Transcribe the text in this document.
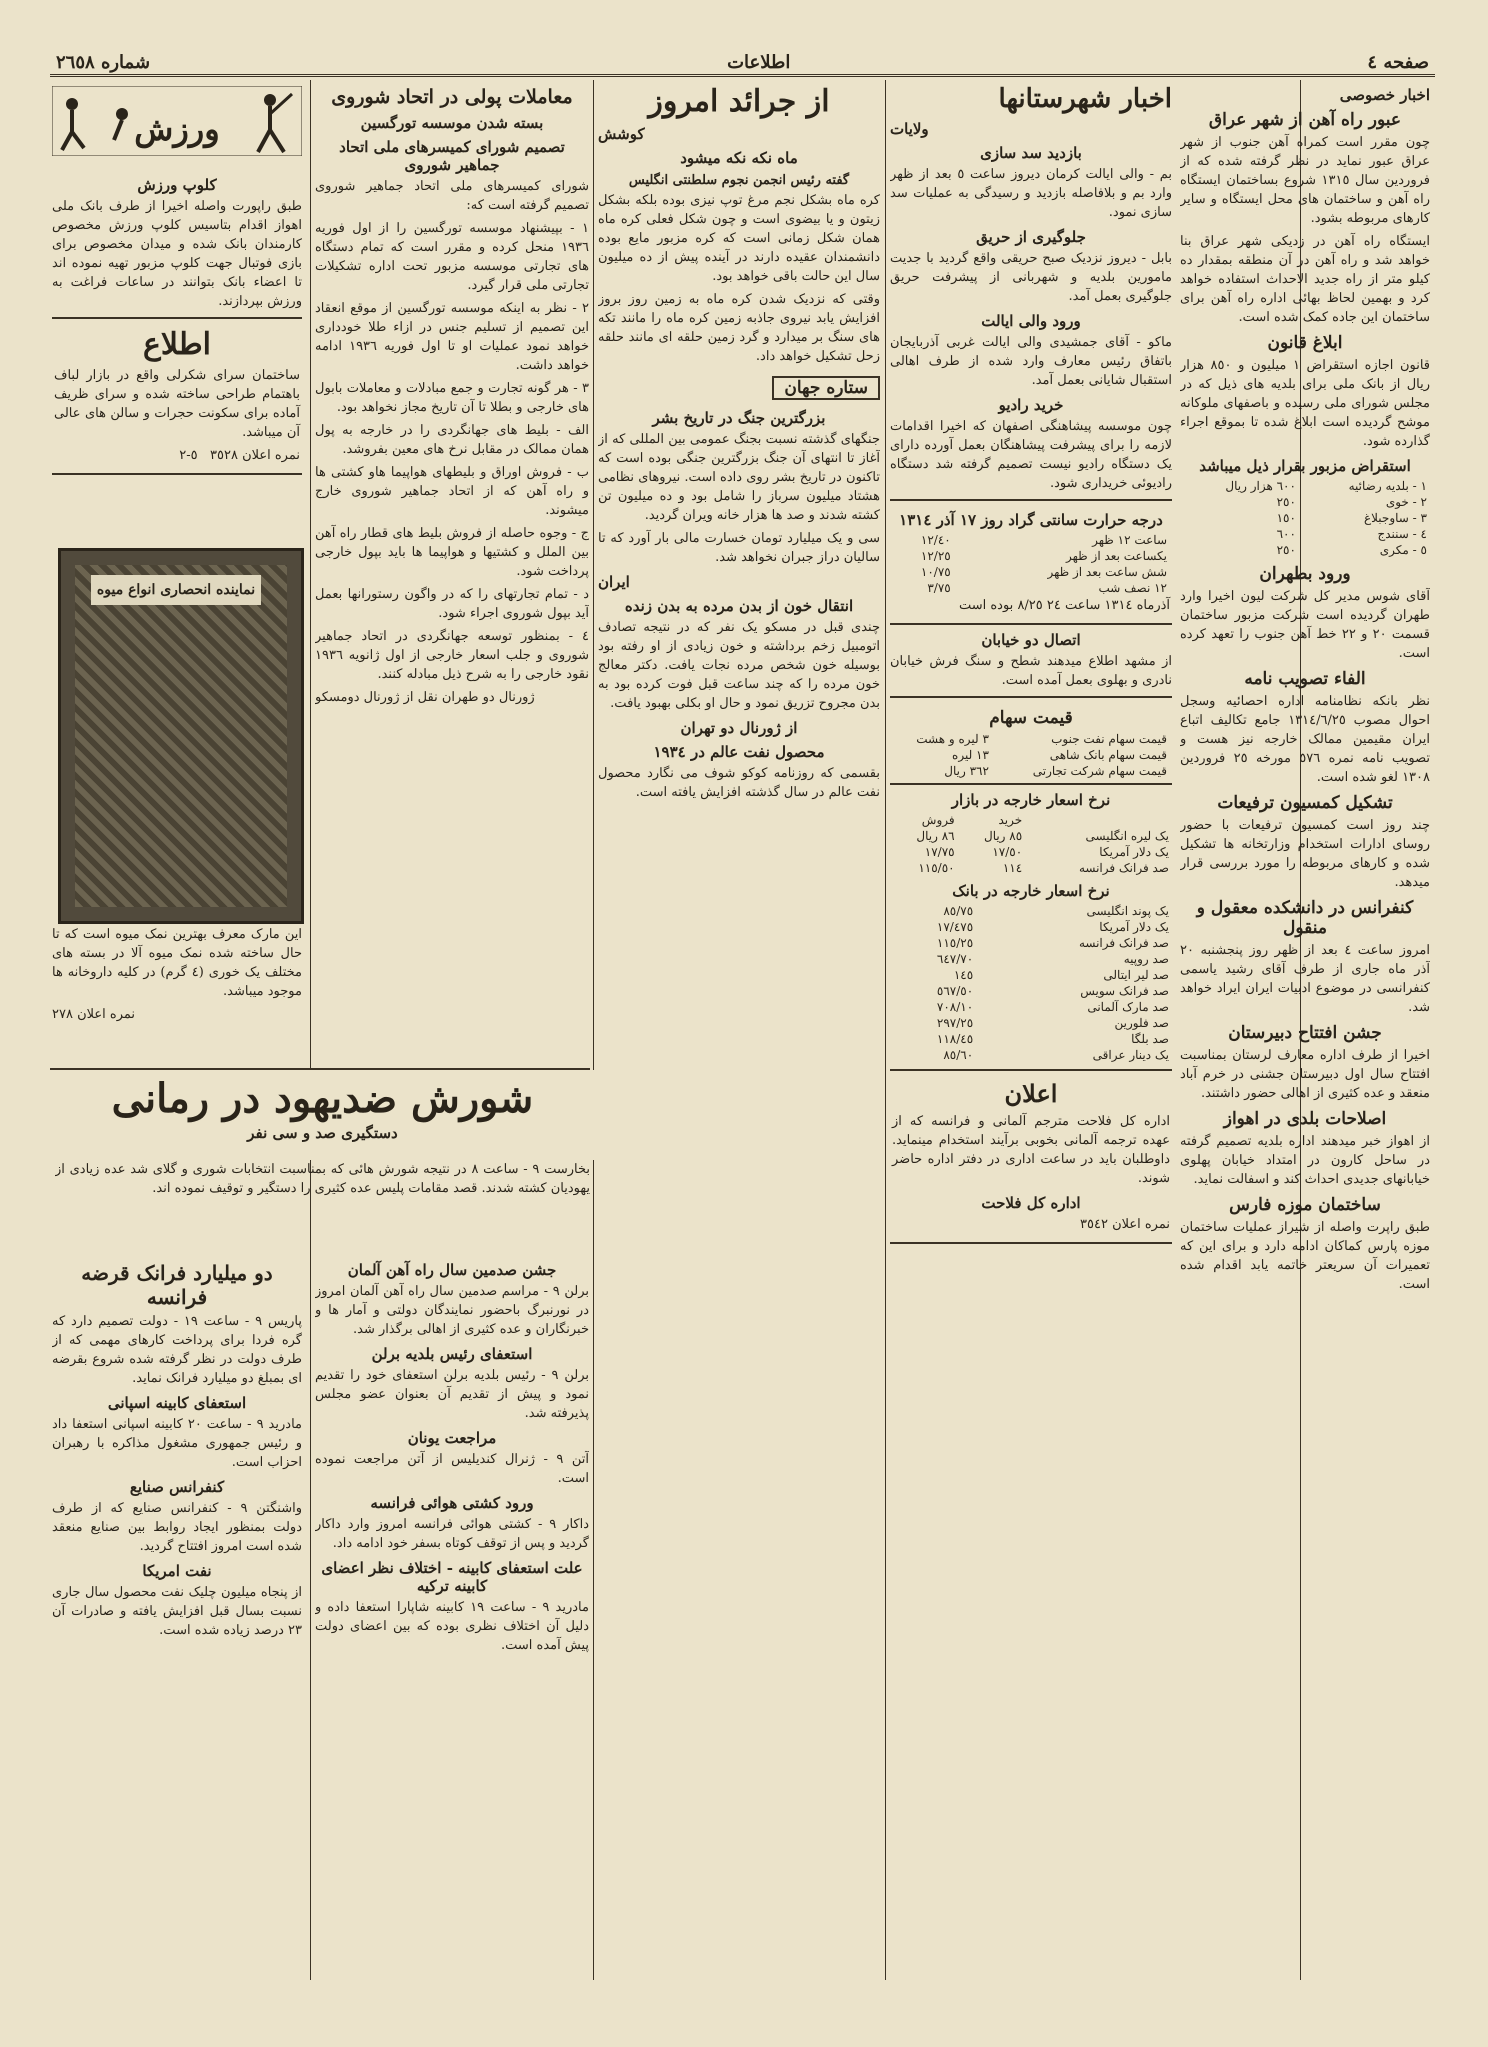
شماره ٢٦٥٨	اطلاعات	صفحه ٤
اخبار خصوصی
عبور راه آهن از شهر عراق

چون مقرر است کمراه آهن جنوب از شهر عراق عبور نماید در نظر گرفته شده که از فروردین سال ١٣١٥ شروع بساختمان ایستگاه راه آهن و ساختمان های محل ایستگاه و سایر کارهای مربوطه بشود.

ایستگاه راه آهن در زدیکی شهر عراق بنا خواهد شد و راه آهن در آن منطقه بمقدار ده کیلو متر از راه جدید الاحداث استفاده خواهد کرد و بهمین لحاظ بهائی اداره راه آهن برای ساختمان این جاده کمک شده است.

ابلاغ قانون

قانون اجازه استقراض ١ میلیون و ٨٥٠ هزار ریال از بانک ملی برای بلدیه های ذیل که در مجلس شورای ملی رسیده و باصفهای ملوکانه موشح گردیده است ابلاغ شده تا بموقع اجراء گذارده شود.

استقراض مزبور بقرار ذیل میباشد
١ - بلدیه رضائیه	٦٠٠ هزار ریال
٢ - خوی	٢٥٠
٣ - ساوجبلاغ	١٥٠
٤ - سنندج	٦٠٠
٥ - مکری	٢٥٠
ورود بطهران

آقای شوس مدیر کل شرکت لیون اخیرا وارد طهران گردیده است شرکت مزبور ساختمان قسمت ٢٠ و ٢٢ خط آهن جنوب را تعهد کرده است.

الفاء تصویب نامه

نظر بانکه نظامنامه اداره احصائیه وسجل احوال مصوب ١٣١٤/٦/٢٥ جامع تکالیف اتباع ایران مقیمین ممالک خارجه نیز هست و تصویب نامه نمره ٥٧٦ مورخه ٢٥ فروردین ١٣٠٨ لغو شده است.

تشکیل کمسیون ترفیعات

چند روز است کمسیون ترفیعات با حضور روسای ادارات استخدام وزارتخانه ها تشکیل شده و کارهای مربوطه را مورد بررسی قرار میدهد.

کنفرانس در دانشکده معقول و منقول

امروز ساعت ٤ بعد از ظهر روز پنجشنبه ٢٠ آذر ماه جاری از طرف آقای رشید یاسمی کنفرانسی در موضوع ادبیات ایران ایراد خواهد شد.

جشن افتتاح دبیرستان

اخیرا از طرف اداره معارف لرستان بمناسبت افتتاح سال اول دبیرستان جشنی در خرم آباد منعقد و عده کثیری از اهالی حضور داشتند.

اصلاحات بلدی در اهواز

از اهواز خبر میدهند اداره بلدیه تصمیم گرفته در ساحل کارون در امتداد خیابان پهلوی خیابانهای جدیدی احداث کند و اسفالت نماید.

ساختمان موزه فارس

طبق راپرت واصله از شیراز عملیات ساختمان موزه پارس کماکان ادامه دارد و برای این که تعمیرات آن سریعتر خاتمه یابد اقدام شده است.

اخبار شهرستانها
ولایات
بازدید سد سازی

بم - والی ایالت کرمان دیروز ساعت ٥ بعد از ظهر وارد بم و بلافاصله بازدید و رسیدگی به عملیات سد سازی نمود.

جلوگیری از حریق

بابل - دیروز نزدیک صبح حریقی واقع گردید با جدیت مامورین بلدیه و شهربانی از پیشرفت حریق جلوگیری بعمل آمد.

ورود والی ایالت

ماکو - آقای جمشیدی والی ایالت غربی آذربایجان باتفاق رئیس معارف وارد شده از طرف اهالی استقبال شایانی بعمل آمد.

خرید رادیو

چون موسسه پیشاهنگی اصفهان که اخیرا اقدامات لازمه را برای پیشرفت پیشاهنگان بعمل آورده دارای یک دستگاه رادیو نیست تصمیم گرفته شد دستگاه رادیوئی خریداری شود.

درجه حرارت سانتی گراد روز ١٧ آذر ١٣١٤
ساعت ١٢ ظهر	١٢/٤٠
یکساعت بعد از ظهر	١٢/٢٥
شش ساعت بعد از ظهر	١٠/٧٥
١٢ نصف شب	٣/٧٥

آذرماه ١٣١٤ ساعت ٢٤ ٨/٢٥ بوده است

اتصال دو خیابان

از مشهد اطلاع میدهند شطح و سنگ فرش خیابان نادری و بهلوی بعمل آمده است.

قیمت سهام
قیمت سهام نفت جنوب	٣ لیره و هشت
قیمت سهام بانک شاهی	١٣ لیره
قیمت سهام شرکت تجارتی	٣٦٢ ریال
نرخ اسعار خارجه در بازار
	خرید	فروش
یک لیره انگلیسی	٨٥ ریال	٨٦ ریال
یک دلار آمریکا	١٧/٥٠	١٧/٧٥
صد فرانک فرانسه	١١٤	١١٥/٥٠
نرخ اسعار خارجه در بانک
یک پوند انگلیسی	٨٥/٧٥
یک دلار آمریکا	١٧/٤٧٥
صد فرانک فرانسه	١١٥/٢٥
صد روپیه	٦٤٧/٧٠
صد لیر ایتالی	١٤٥
صد فرانک سویس	٥٦٧/٥٠
صد مارک آلمانی	٧٠٨/١٠
صد فلورین	٢٩٧/٢٥
صد بلگا	١١٨/٤٥
یک دینار عراقی	٨٥/٦٠
اعلان

اداره کل فلاحت مترجم آلمانی و فرانسه که از عهده ترجمه آلمانی بخوبی برآیند استخدام مینماید. داوطلبان باید در ساعت اداری در دفتر اداره حاضر شوند.

اداره کل فلاحت

نمره اعلان ٣٥٤٢

از جرائد امروز
کوشش
ماه نکه نکه میشود
گفته رئیس انجمن نجوم سلطنتی انگلیس

کره ماه بشکل نجم مرغ توپ نیزی بوده بلکه بشکل زیتون و یا بیضوی است و چون شکل فعلی کره ماه همان شکل زمانی است که کره مزبور مایع بوده دانشمندان عقیده دارند در آینده پیش از ده میلیون سال این حالت باقی خواهد بود.

وقتی که نزدیک شدن کره ماه به زمین روز بروز افزایش یابد نیروی جاذبه زمین کره ماه را مانند تکه های سنگ بر میدارد و گرد زمین حلقه ای مانند حلقه زحل تشکیل خواهد داد.

ستاره جهان
بزرگترین جنگ در تاریخ بشر

جنگهای گذشته نسبت بجنگ عمومی بین المللی که از آغاز تا انتهای آن جنگ بزرگترین جنگی بوده است که تاکنون در تاریخ بشر روی داده است. نیروهای نظامی هشتاد میلیون سرباز را شامل بود و ده میلیون تن کشته شدند و صد ها هزار خانه ویران گردید.

سی و یک میلیارد تومان خسارت مالی بار آورد که تا سالیان دراز جبران نخواهد شد.

ایران
انتقال خون از بدن مرده به بدن زنده

چندی قبل در مسکو یک نفر که در نتیجه تصادف اتومبیل زخم برداشته و خون زیادی از او رفته بود بوسیله خون شخص مرده نجات یافت. دکتر معالج خون مرده را که چند ساعت قبل فوت کرده بود به بدن مجروح تزریق نمود و حال او بکلی بهبود یافت.

از ژورنال دو تهران
محصول نفت عالم در ١٩٣٤

بقسمی که روزنامه کوکو شوف می نگارد محصول نفت عالم در سال گذشته افزایش یافته است.

معاملات پولی در اتحاد شوروی
بسته شدن موسسه تورگسین
تصمیم شورای کمیسرهای ملی اتحاد جماهیر شوروی

شورای کمیسرهای ملی اتحاد جماهیر شوروی تصمیم گرفته است که:

١ - بپیشنهاد موسسه تورگسین را از اول فوریه ١٩٣٦ منحل کرده و مقرر است که تمام دستگاه های تجارتی موسسه مزبور تحت اداره تشکیلات تجارتی ملی قرار گیرد.

٢ - نظر به اینکه موسسه تورگسین از موقع انعقاد این تصمیم از تسلیم جنس در ازاء طلا خودداری خواهد نمود عملیات او تا اول فوریه ١٩٣٦ ادامه خواهد داشت.

٣ - هر گونه تجارت و جمع مبادلات و معاملات بابول های خارجی و بطلا تا آن تاریخ مجاز نخواهد بود.

الف - بلیط های جهانگردی را در خارجه به پول همان ممالک در مقابل نرخ های معین بفروشد.

ب - فروش اوراق و بلیطهای هواپیما هاو کشتی ها و راه آهن که از اتحاد جماهیر شوروی خارج میشوند.

ج - وجوه حاصله از فروش بلیط های قطار راه آهن بین الملل و کشتیها و هواپیما ها باید بپول خارجی پرداخت شود.

د - تمام تجارتهای را که در واگون رستورانها بعمل آید بپول شوروی اجراء شود.

٤ - بمنظور توسعه جهانگردی در اتحاد جماهیر شوروی و جلب اسعار خارجی از اول ژانویه ١٩٣٦ نقود خارجی را به شرح ذیل مبادله کنند.

ژورنال دو طهران نقل از ژورنال دومسکو

ورزش
کلوپ ورزش

طبق راپورت واصله اخیرا از طرف بانک ملی اهواز اقدام بتاسیس کلوپ ورزش مخصوص کارمندان بانک شده و میدان مخصوص برای بازی فوتبال جهت کلوپ مزبور تهیه نموده اند تا اعضاء بانک بتوانند در ساعات فراغت به ورزش بپردازند.

اطلاع

ساختمان سرای شکرلی واقع در بازار لباف باهتمام طراحی ساخته شده و سرای ظریف آماده برای سکونت حجرات و سالن های عالی آن میباشد.

نمره اعلان ٣٥٢٨   ٥-٢

نماینده انحصاری انواع میوه

این مارک معرف بهترین نمک میوه است که تا حال ساخته شده نمک میوه آلا در بسته های مختلف یک خوری (٤ گرم) در کلیه داروخانه ها موجود میباشد.

نمره اعلان ٢٧٨

شورش ضدیهود در رمانی
دستگیری صد و سی نفر

بخارست ٩ - ساعت ٨ در نتیجه شورش هائی که بمناسبت انتخابات شوری و گلای شد عده زیادی از یهودیان کشته شدند. قصد مقامات پلیس عده کثیری را دستگیر و توقیف نموده اند.

جشن صدمین سال راه آهن آلمان

برلن ٩ - مراسم صدمین سال راه آهن آلمان امروز در نورنبرگ باحضور نمایندگان دولتی و آمار ها و خبرنگاران و عده کثیری از اهالی برگذار شد.

استعفای رئیس بلدیه برلن

برلن ٩ - رئیس بلدیه برلن استعفای خود را تقدیم نمود و پیش از تقدیم آن بعنوان عضو مجلس پذیرفته شد.

مراجعت یونان

آتن ٩ - ژنرال کندیلیس از آتن مراجعت نموده است.

ورود کشتی هوائی فرانسه

داکار ٩ - کشتی هوائی فرانسه امروز وارد داکار گردید و پس از توقف کوتاه بسفر خود ادامه داد.

علت استعفای کابینه - اختلاف نظر اعضای کابینه ترکیه

مادرید ٩ - ساعت ١٩ کابینه شاپارا استعفا داده و دلیل آن اختلاف نظری بوده که بین اعضای دولت پیش آمده است.

دو میلیارد فرانک قرضه فرانسه

پاریس ٩ - ساعت ١٩ - دولت تصمیم دارد که گره فردا برای پرداخت کارهای مهمی که از طرف دولت در نظر گرفته شده شروع بقرضه ای بمبلغ دو میلیارد فرانک نماید.

استعفای کابینه اسپانی

مادرید ٩ - ساعت ٢٠ کابینه اسپانی استعفا داد و رئیس جمهوری مشغول مذاکره با رهبران احزاب است.

کنفرانس صنایع

واشنگتن ٩ - کنفرانس صنایع که از طرف دولت بمنظور ایجاد روابط بین صنایع منعقد شده است امروز افتتاح گردید.

نفت امریکا

از پنجاه میلیون چلیک نفت محصول سال جاری نسبت بسال قبل افزایش یافته و صادرات آن ٢٣ درصد زیاده شده است.
